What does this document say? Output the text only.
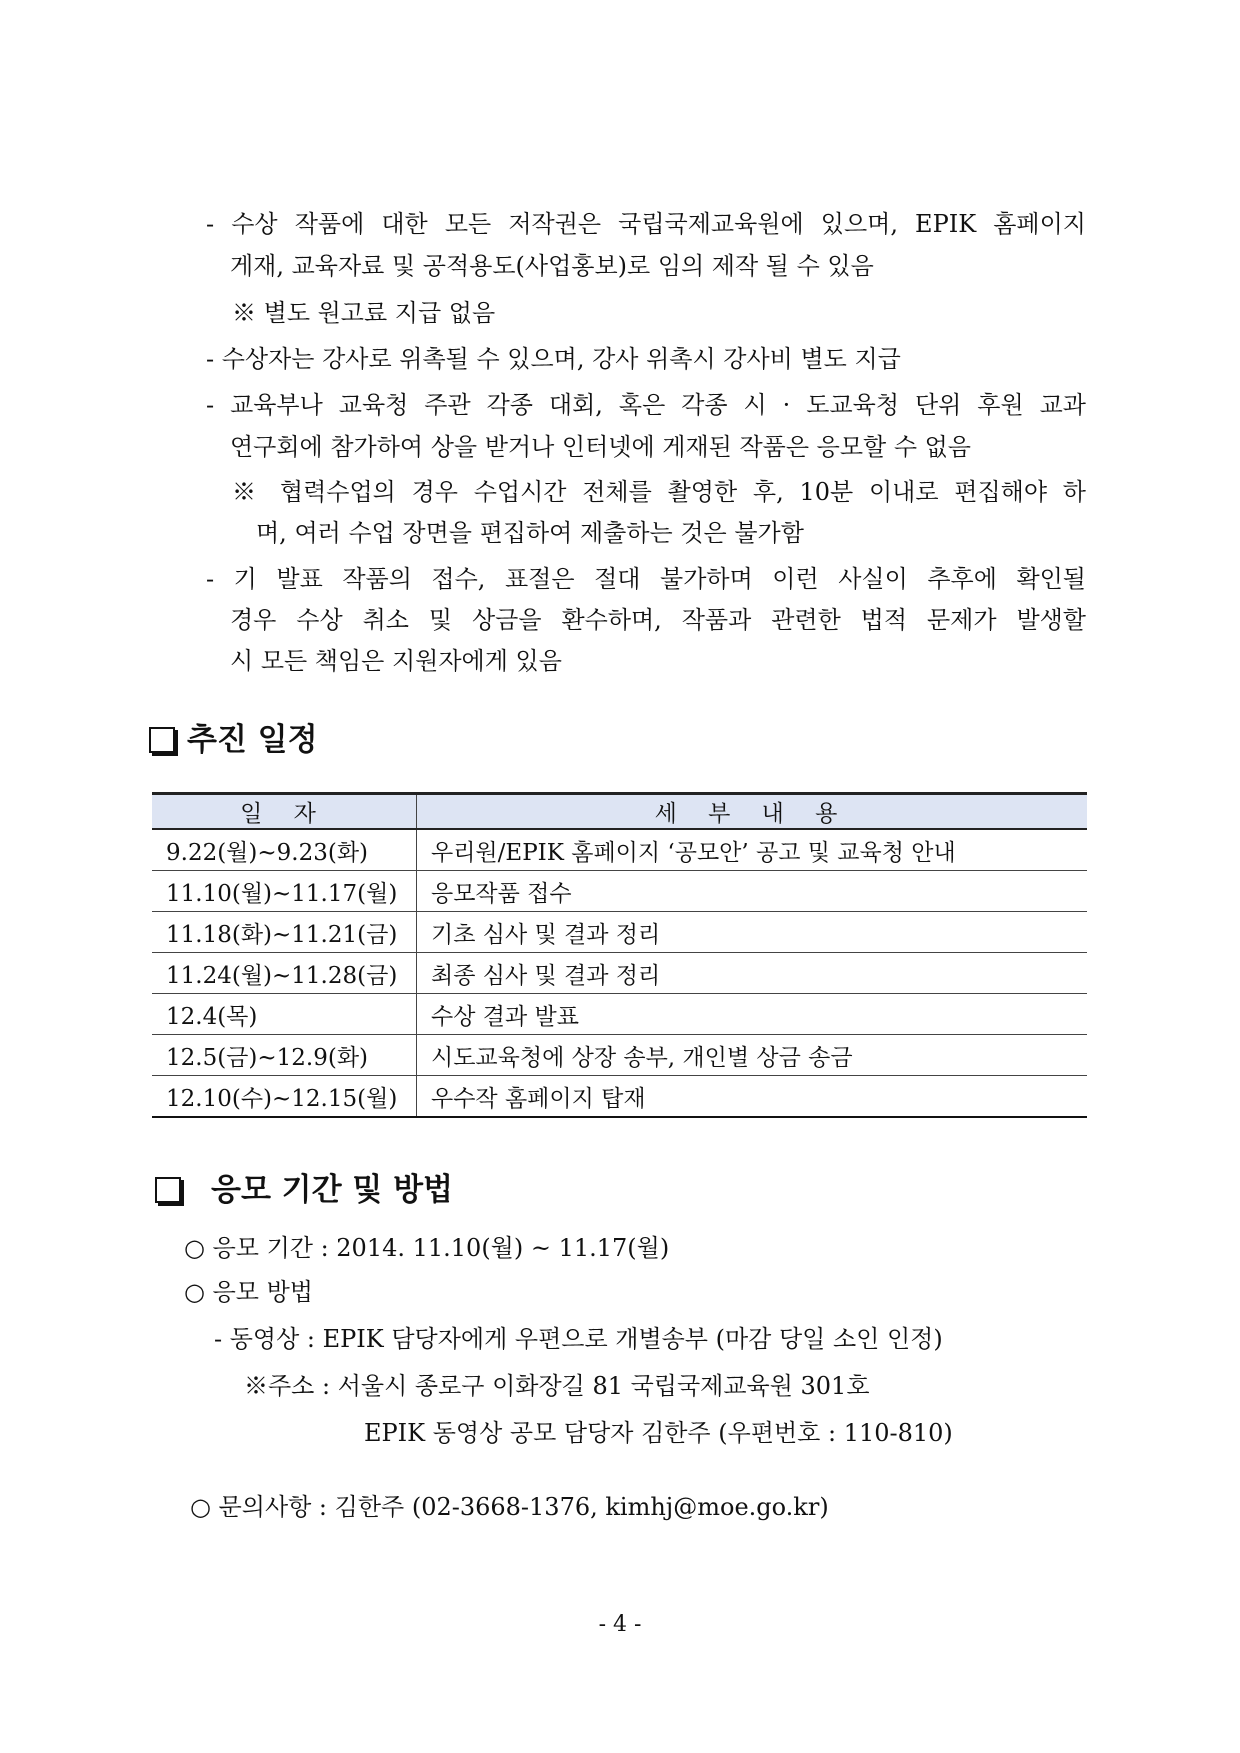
- 수상 작품에 대한 모든 저작권은 국립국제교육원에 있으며, EPIK 홈페이지
게재, 교육자료 및 공적용도(사업홍보)로 임의 제작 될 수 있음
※ 별도 원고료 지급 없음
- 수상자는 강사로 위촉될 수 있으며, 강사 위촉시 강사비 별도 지급
- 교육부나 교육청 주관 각종 대회, 혹은 각종 시 · 도교육청 단위 후원 교과
연구회에 참가하여 상을 받거나 인터넷에 게재된 작품은 응모할 수 없음
※ 협력수업의 경우 수업시간 전체를 촬영한 후, 10분 이내로 편집해야 하
며, 여러 수업 장면을 편집하여 제출하는 것은 불가함
- 기 발표 작품의 접수, 표절은 절대 불가하며 이런 사실이 추후에 확인될
경우 수상 취소 및 상금을 환수하며, 작품과 관련한 법적 문제가 발생할
시 모든 책임은 지원자에게 있음
추진 일정
일 자	세 부 내 용
9.22(월)~9.23(화)	우리원/EPIK 홈페이지 ‘공모안’ 공고 및 교육청 안내
11.10(월)~11.17(월)	응모작품 접수
11.18(화)~11.21(금)	기초 심사 및 결과 정리
11.24(월)~11.28(금)	최종 심사 및 결과 정리
12.4(목)	수상 결과 발표
12.5(금)~12.9(화)	시도교육청에 상장 송부, 개인별 상금 송금
12.10(수)~12.15(월)	우수작 홈페이지 탑재
응모 기간 및 방법
○ 응모 기간 : 2014. 11.10(월) ~ 11.17(월)
○ 응모 방법
- 동영상 : EPIK 담당자에게 우편으로 개별송부 (마감 당일 소인 인정)
※주소 : 서울시 종로구 이화장길 81 국립국제교육원 301호
EPIK 동영상 공모 담당자 김한주 (우편번호 : 110-810)
○ 문의사항 : 김한주 (02-3668-1376, kimhj@moe.go.kr)
- 4 -
